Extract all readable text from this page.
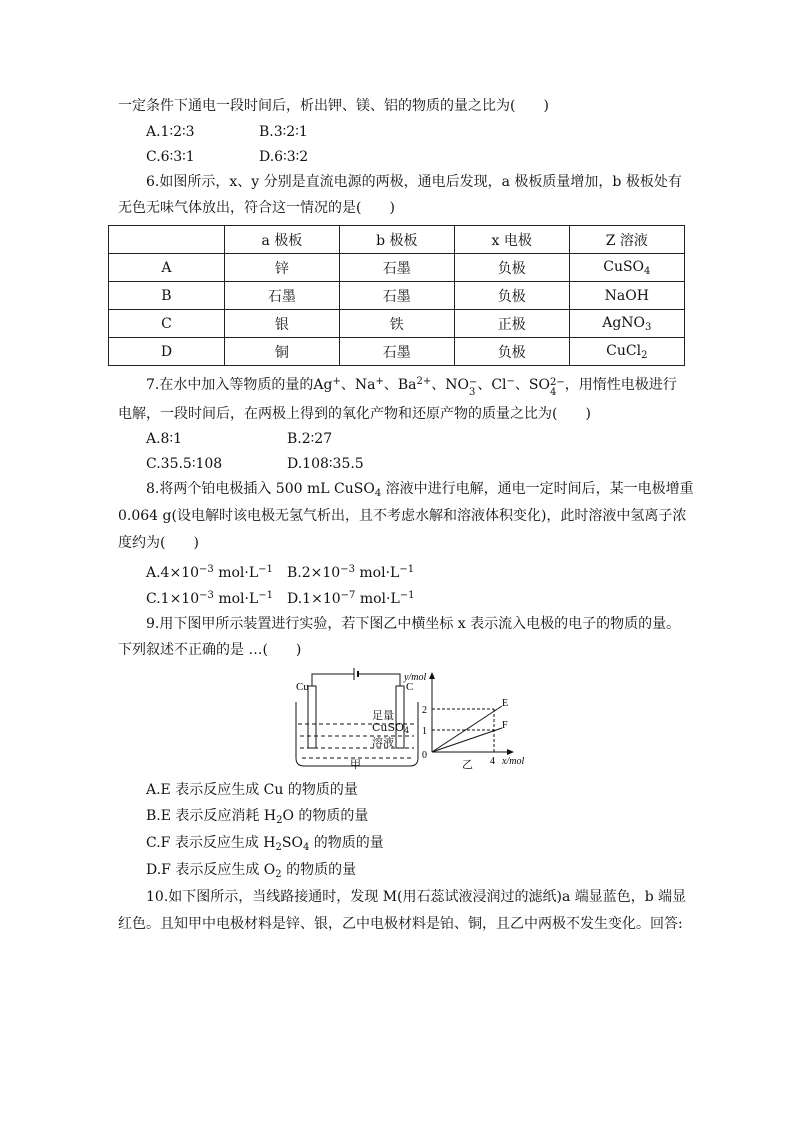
一定条件下通电一段时间后，析出钾、镁、铝的物质的量之比为(　　)
A.1∶2∶3	B.3∶2∶1
C.6∶3∶1	D.6∶3∶2
6.如图所示，x、y 分别是直流电源的两极，通电后发现，a 极板质量增加，b 极板处有
无色无味气体放出，符合这一情况的是(　　)
	a 极板	b 极板	x 电极	Z 溶液
A	锌	石墨	负极	CuSO$_4$
B	石墨	石墨	负极	NaOH
C	银	铁	正极	AgNO$_3$
D	铜	石墨	负极	CuCl$_2$
7.在水中加入等物质的量的Ag+、Na+、$Ba^{2+}$、NO−
3 、Cl−、SO2−
4 ，用惰性电极进行
电解，一段时间后，在两极上得到的氧化产物和还原产物的质量之比为(　　)
A.8∶1	B.2∶27
C.35.5∶108	D.108∶35.5
8.将两个铂电极插入 500 mL CuSO$_4$ 溶液中进行电解，通电一定时间后，某一电极增重
0.064 g(设电解时该电极无氢气析出，且不考虑水解和溶液体积变化)，此时溶液中氢离子浓
度约为(　　)
$A.4\times 10^{-3}$ $mol\cdot L^{-1}$ $B.2\times 10^{-3}$ $mol\cdot L^{-1}$
$C.1\times 10^{-3}$ $mol\cdot L^{-1}$ $D.1\times 10^{-7}$ $mol\cdot L^{-1}$
9.用下图甲所示装置进行实验，若下图乙中横坐标 x 表示流入电极的电子的物质的量。
下列叙述不正确的是 …(　　)
Cu	C
足量
CuSO4
溶液
甲
y/mol
2
1
0
4 x/mol
E
F
乙
A.E 表示反应生成 Cu 的物质的量
B.E 表示反应消耗 $H_2O$ 的物质的量
C.F 表示反应生成 $H_2SO_4$ 的物质的量
D.F 表示反应生成 $O_2$ 的物质的量
10.如下图所示，当线路接通时，发现 M(用石蕊试液浸润过的滤纸)a 端显蓝色，b 端显
红色。且知甲中电极材料是锌、银，乙中电极材料是铂、铜，且乙中两极不发生变化。回答:
